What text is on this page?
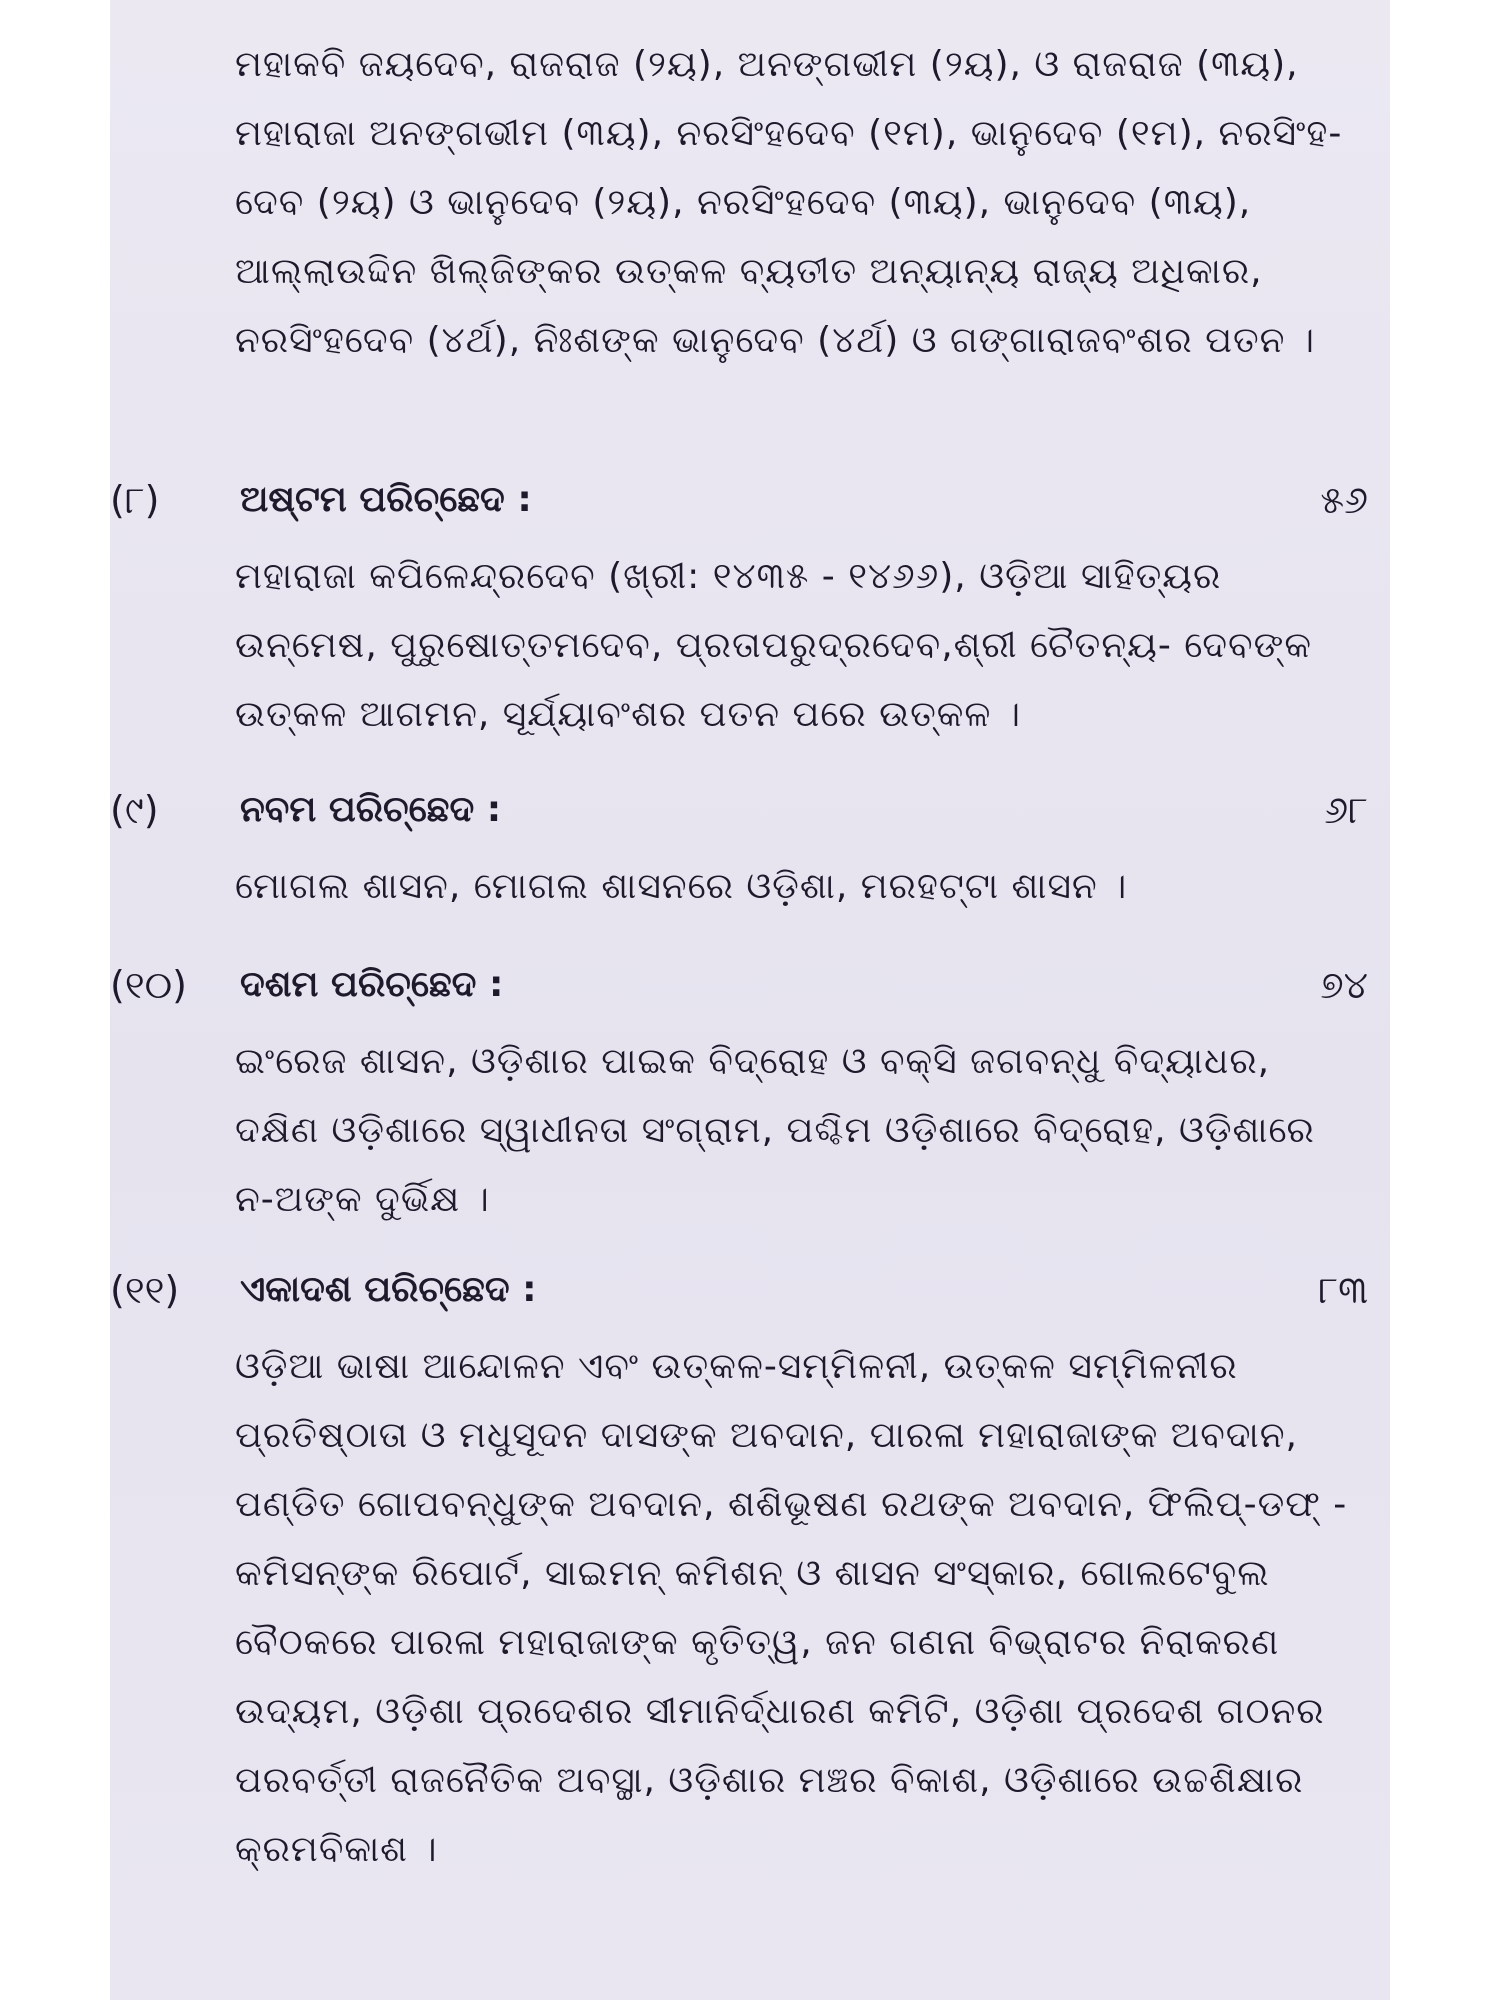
ମହାକବି ଜୟଦେବ, ରାଜରାଜ (୨ୟ), ଅନଙ୍ଗଭୀମ (୨ୟ), ଓ ରାଜରାଜ (୩ୟ), ମହାରାଜା ଅନଙ୍ଗଭୀମ (୩ୟ), ନରସିଂହଦେବ (୧ମ), ଭାନୁଦେବ (୧ମ), ନରସିଂହ- ଦେବ (୨ୟ) ଓ ଭାନୁଦେବ (୨ୟ), ନରସିଂହଦେବ (୩ୟ), ଭାନୁଦେବ (୩ୟ), ଆଲ୍ଲାଉଦ୍ଦିନ ଖିଲ୍‌ଜିଙ୍କର ଉତ୍କଳ ବ୍ୟତୀତ ଅନ୍ୟାନ୍ୟ ରାଜ୍ୟ ଅଧିକାର, ନରସିଂହଦେବ (୪ର୍ଥ), ନିଃଶଙ୍କ ଭାନୁଦେବ (୪ର୍ଥ) ଓ ଗଙ୍ଗାରାଜବଂଶର ପତନ ।

(୮) ଅଷ୍ଟମ ପରିଚ୍ଛେଦ :	୫୬

ମହାରାଜା କପିଳେନ୍ଦ୍ରଦେବ (ଖ୍ରୀ: ୧୪୩୫ - ୧୪୬୬), ଓଡ଼ିଆ ସାହିତ୍ୟର ଉନ୍ମେଷ, ପୁରୁଷୋତ୍ତମଦେବ, ପ୍ରତାପରୁଦ୍ରଦେବ,ଶ୍ରୀ ଚୈତନ୍ୟ- ଦେବଙ୍କ ଉତ୍କଳ ଆଗମନ, ସୂର୍ଯ୍ୟାବଂଶର ପତନ ପରେ ଉତ୍କଳ ।

(୯) ନବମ ପରିଚ୍ଛେଦ :	୬୮

ମୋଗଲ ଶାସନ, ମୋଗଲ ଶାସନରେ ଓଡ଼ିଶା, ମରହଟ୍ଟା ଶାସନ ।

(୧୦) ଦଶମ ପରିଚ୍ଛେଦ :	୭୪

ଇଂରେଜ ଶାସନ, ଓଡ଼ିଶାର ପାଇକ ବିଦ୍ରୋହ ଓ ବକ୍‌ସି ଜଗବନ୍ଧୁ ବିଦ୍ୟାଧର, ଦକ୍ଷିଣ ଓଡ଼ିଶାରେ ସ୍ୱାଧୀନତା ସଂଗ୍ରାମ, ପଶ୍ଚିମ ଓଡ଼ିଶାରେ ବିଦ୍ରୋହ, ଓଡ଼ିଶାରେ ନ-ଅଙ୍କ ଦୁର୍ଭିକ୍ଷ ।

(୧୧) ଏକାଦଶ ପରିଚ୍ଛେଦ :	୮୩

ଓଡ଼ିଆ ଭାଷା ଆନ୍ଦୋଳନ ଏବଂ ଉତ୍କଳ-ସମ୍ମିଳନୀ, ଉତ୍କଳ ସମ୍ମିଳନୀର ପ୍ରତିଷ୍ଠାତା ଓ ମଧୁସୂଦନ ଦାସଙ୍କ ଅବଦାନ, ପାରଳା ମହାରାଜାଙ୍କ ଅବଦାନ, ପଣ୍ଡିତ ଗୋପବନ୍ଧୁଙ୍କ ଅବଦାନ, ଶଶିଭୂଷଣ ରଥଙ୍କ ଅବଦାନ, ଫିଲିପ୍-ଡଫ୍ - କମିସନ୍‌ଙ୍କ ରିପୋର୍ଟ, ସାଇମନ୍ କମିଶନ୍ ଓ ଶାସନ ସଂସ୍କାର, ଗୋଲଟେବୁଲ ବୈଠକରେ ପାରଳା ମହାରାଜାଙ୍କ କୃତିତ୍ୱ, ଜନ ଗଣନା ବିଭ୍ରାଟର ନିରାକରଣ ଉଦ୍ୟମ, ଓଡ଼ିଶା ପ୍ରଦେଶର ସୀମାନିର୍ଦ୍ଧାରଣ କମିଟି, ଓଡ଼ିଶା ପ୍ରଦେଶ ଗଠନର ପରବର୍ତ୍ତୀ ରାଜନୈତିକ ଅବସ୍ଥା, ଓଡ଼ିଶାର ମଞ୍ଚର ବିକାଶ, ଓଡ଼ିଶାରେ ଉଚ୍ଚଶିକ୍ଷାର କ୍ରମବିକାଶ ।
